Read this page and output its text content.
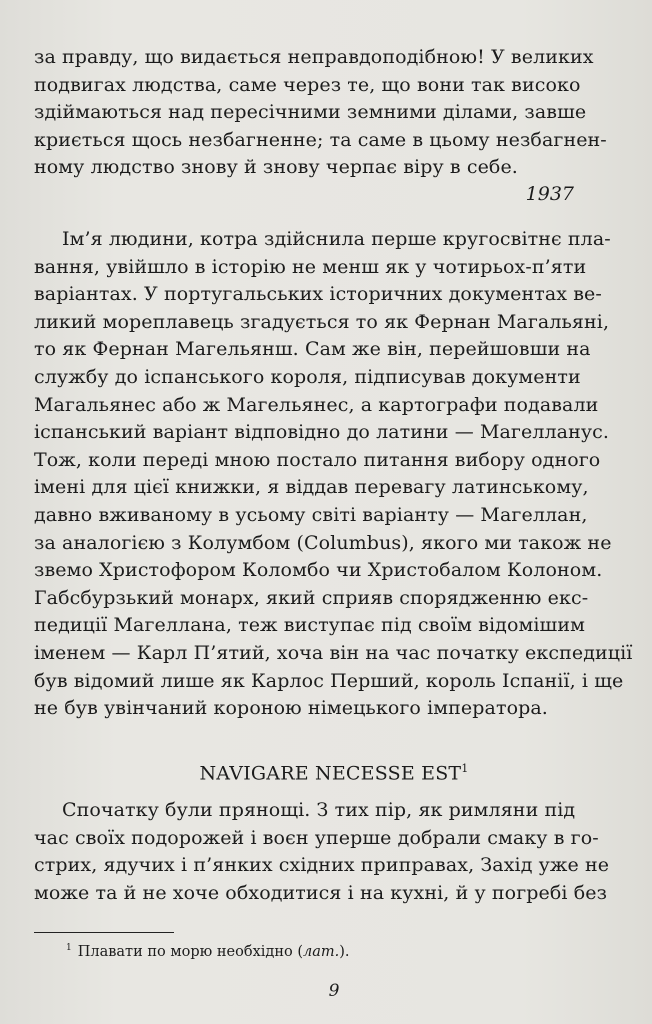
за правду, що видається неправдоподібною! У великих
подвигах людства, саме через те, що вони так високо
здіймаються над пересічними земними ділами, завше
криється щось незбагненне; та саме в цьому незбагнен-
ному людство знову й знову черпає віру в себе.
1937
Ім’я людини, котра здійснила перше кругосвітнє пла-
вання, увійшло в історію не менш як у чотирьох-п’яти
варіантах. У португальських історичних документах ве-
ликий мореплавець згадується то як Фернан Магальяні,
то як Фернан Магельянш. Сам же він, перейшовши на
службу до іспанського короля, підписував документи
Магальянес або ж Магельянес, а картографи подавали
іспанський варіант відповідно до латини — Магелланус.
Тож, коли переді мною постало питання вибору одного
імені для цієї книжки, я віддав перевагу латинському,
давно вживаному в усьому світі варіанту — Магеллан,
за аналогією з Колумбом (Columbus), якого ми також не
звемо Христофором Коломбо чи Христобалом Колоном.
Габсбурзький монарх, який сприяв спорядженню екс-
педиції Магеллана, теж виступає під своїм відомішим
іменем — Карл П’ятий, хоча він на час початку експедиції
був відомий лише як Карлос Перший, король Іспанії, і ще
не був увінчаний короною німецького імператора.
NAVIGARE NECESSE EST$^1$
Спочатку були прянощі. З тих пір, як римляни під
час своїх подорожей і воєн уперше добрали смаку в го-
стрих, ядучих і п’янких східних приправах, Захід уже не
може та й не хоче обходитися і на кухні, й у погребі без
$^1$ Плавати по морю необхідно (лат.).
9
